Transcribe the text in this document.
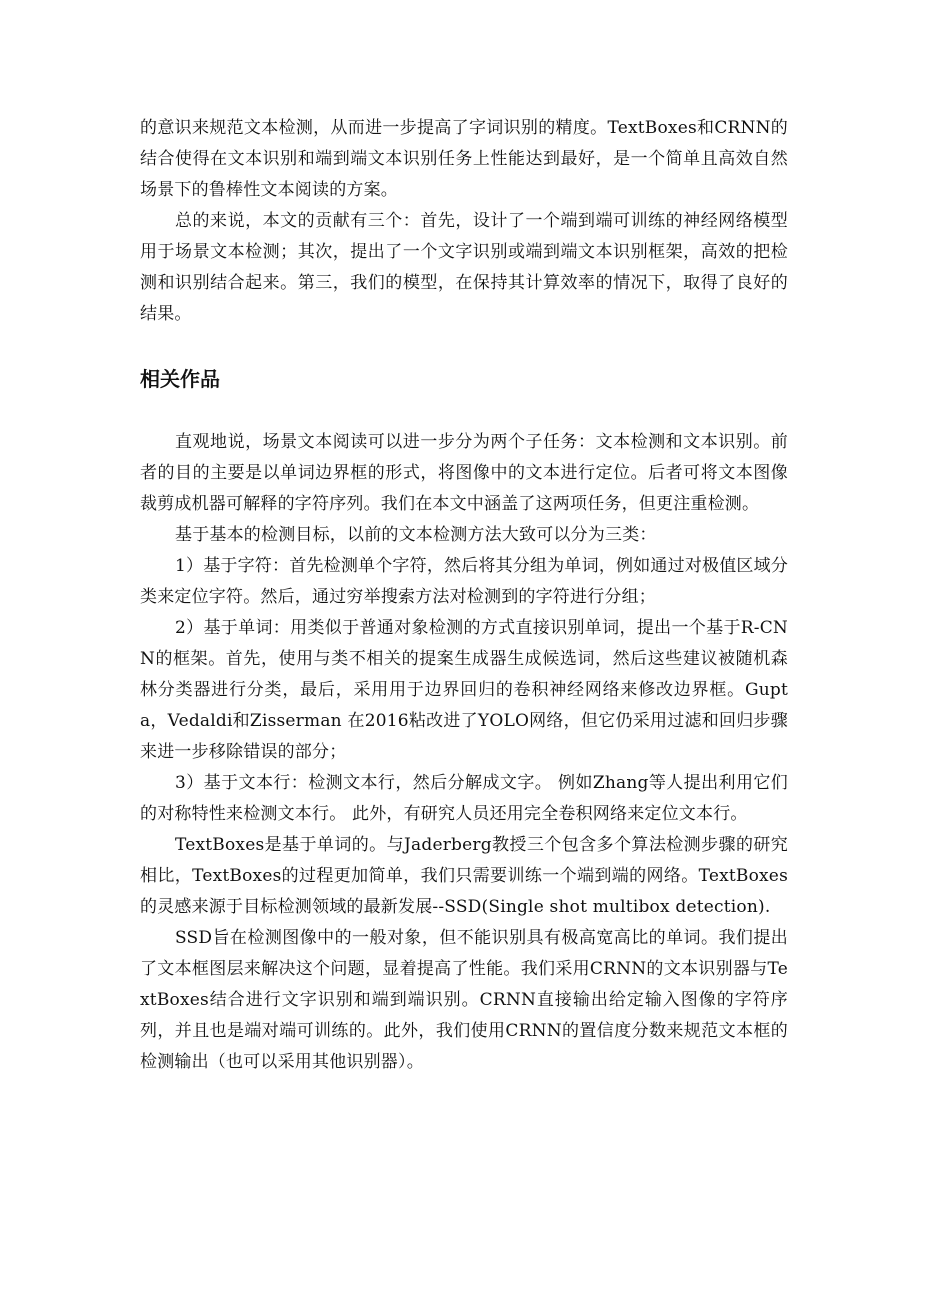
的意识来规范文本检测，从而进一步提高了字词识别的精度。TextBoxes和CRNN的结合使得在文本识别和端到端文本识别任务上性能达到最好，是一个简单且高效自然场景下的鲁棒性文本阅读的方案。

总的来说，本文的贡献有三个：首先，设计了一个端到端可训练的神经网络模型用于场景文本检测；其次，提出了一个文字识别或端到端文本识别框架，高效的把检测和识别结合起来。第三，我们的模型，在保持其计算效率的情况下，取得了良好的结果。

相关作品

直观地说，场景文本阅读可以进一步分为两个子任务：文本检测和文本识别。前者的目的主要是以单词边界框的形式，将图像中的文本进行定位。后者可将文本图像裁剪成机器可解释的字符序列。我们在本文中涵盖了这两项任务，但更注重检测。

基于基本的检测目标，以前的文本检测方法大致可以分为三类：

1）基于字符：首先检测单个字符，然后将其分组为单词，例如通过对极值区域分类来定位字符。然后，通过穷举搜索方法对检测到的字符进行分组；

2）基于单词：用类似于普通对象检测的方式直接识别单词，提出一个基于R-CNN的框架。首先，使用与类不相关的提案生成器生成候选词，然后这些建议被随机森林分类器进行分类，最后，采用用于边界回归的卷积神经网络来修改边界框。Gupta，Vedaldi和Zisserman 在2016粘改进了YOLO网络，但它仍采用过滤和回归步骤来进一步移除错误的部分；

3）基于文本行：检测文本行，然后分解成文字。 例如Zhang等人提出利用它们的对称特性来检测文本行。 此外，有研究人员还用完全卷积网络来定位文本行。

TextBoxes是基于单词的。与Jaderberg教授三个包含多个算法检测步骤的研究相比，TextBoxes的过程更加简单，我们只需要训练一个端到端的网络。TextBoxes的灵感来源于目标检测领域的最新发展--SSD(Single shot multibox detection).

SSD旨在检测图像中的一般对象，但不能识别具有极高宽高比的单词。我们提出了文本框图层来解决这个问题，显着提高了性能。我们采用CRNN的文本识别器与TextBoxes结合进行文字识别和端到端识别。CRNN直接输出给定输入图像的字符序列，并且也是端对端可训练的。此外，我们使用CRNN的置信度分数来规范文本框的检测输出（也可以采用其他识别器）。
